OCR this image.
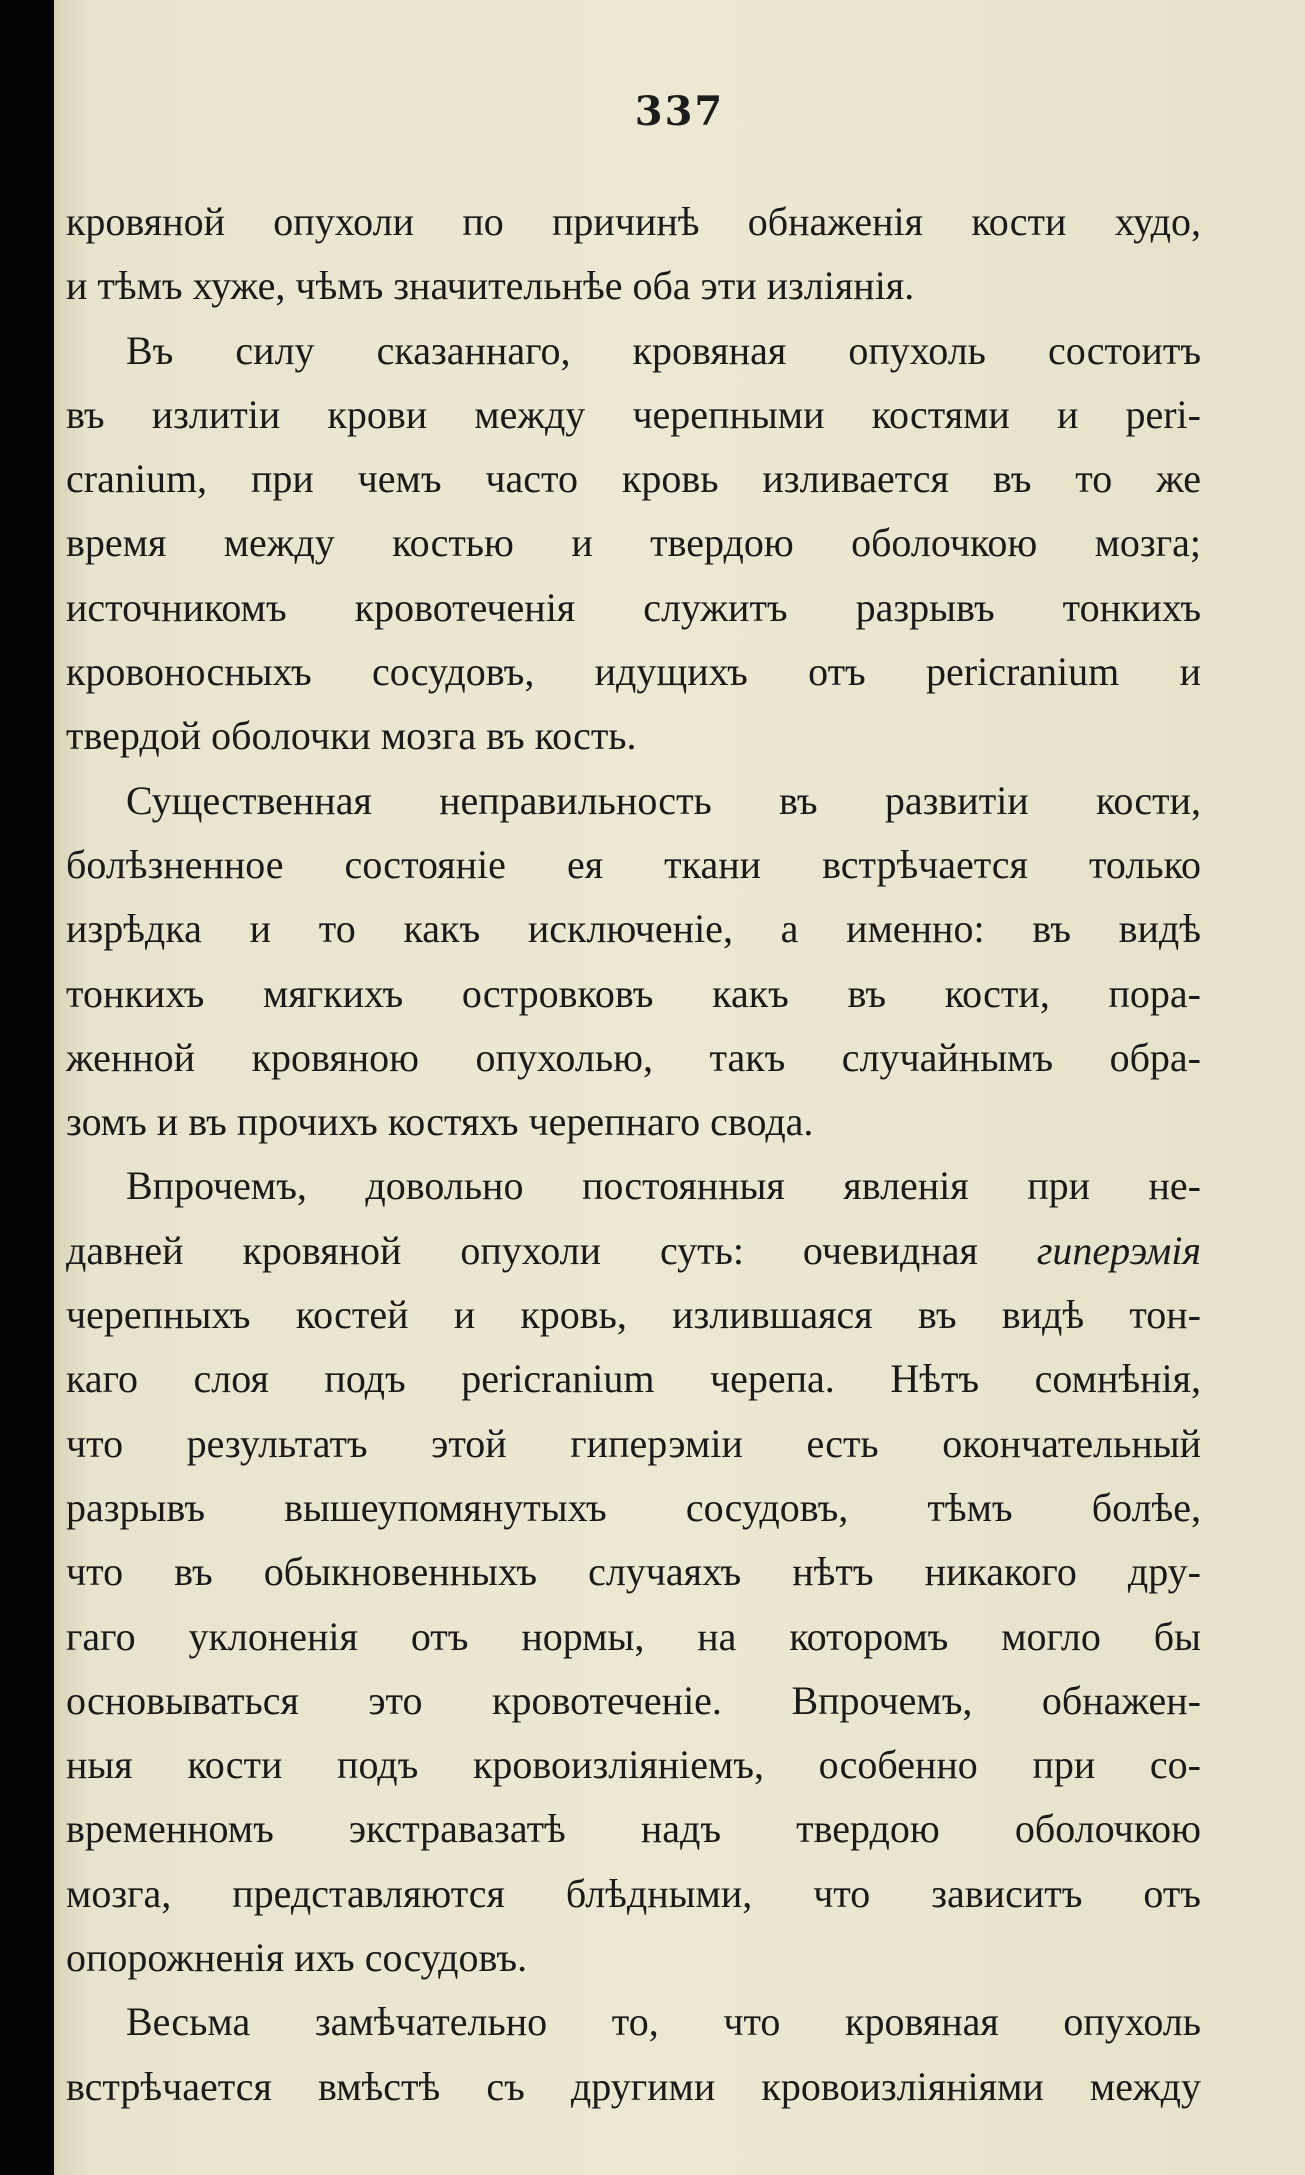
337
кровяной опухоли по причинѣ обнаженія кости худо,
и тѣмъ хуже, чѣмъ значительнѣе оба эти изліянія.
Въ силу сказаннаго, кровяная опухоль состоитъ
въ излитіи крови между черепными костями и peri-
cranium, при чемъ часто кровь изливается въ то же
время между костью и твердою оболочкою мозга;
источникомъ кровотеченія служитъ разрывъ тонкихъ
кровоносныхъ сосудовъ, идущихъ отъ pericranium и
твердой оболочки мозга въ кость.
Существенная неправильность въ развитіи кости,
болѣзненное состояніе ея ткани встрѣчается только
изрѣдка и то какъ исключеніе, а именно: въ видѣ
тонкихъ мягкихъ островковъ какъ въ кости, пора-
женной кровяною опухолью, такъ случайнымъ обра-
зомъ и въ прочихъ костяхъ черепнаго свода.
Впрочемъ, довольно постоянныя явленія при не-
давней кровяной опухоли суть: очевидная гиперэмія
черепныхъ костей и кровь, излившаяся въ видѣ тон-
каго слоя подъ pericranium черепа. Нѣтъ сомнѣнія,
что результатъ этой гиперэміи есть окончательный
разрывъ вышеупомянутыхъ сосудовъ, тѣмъ болѣе,
что въ обыкновенныхъ случаяхъ нѣтъ никакого дру-
гаго уклоненія отъ нормы, на которомъ могло бы
основываться это кровотеченіе. Впрочемъ, обнажен-
ныя кости подъ кровоизліяніемъ, особенно при со-
временномъ экстравазатѣ надъ твердою оболочкою
мозга, представляются блѣдными, что зависитъ отъ
опорожненія ихъ сосудовъ.
Весьма замѣчательно то, что кровяная опухоль
встрѣчается вмѣстѣ съ другими кровоизліяніями между
